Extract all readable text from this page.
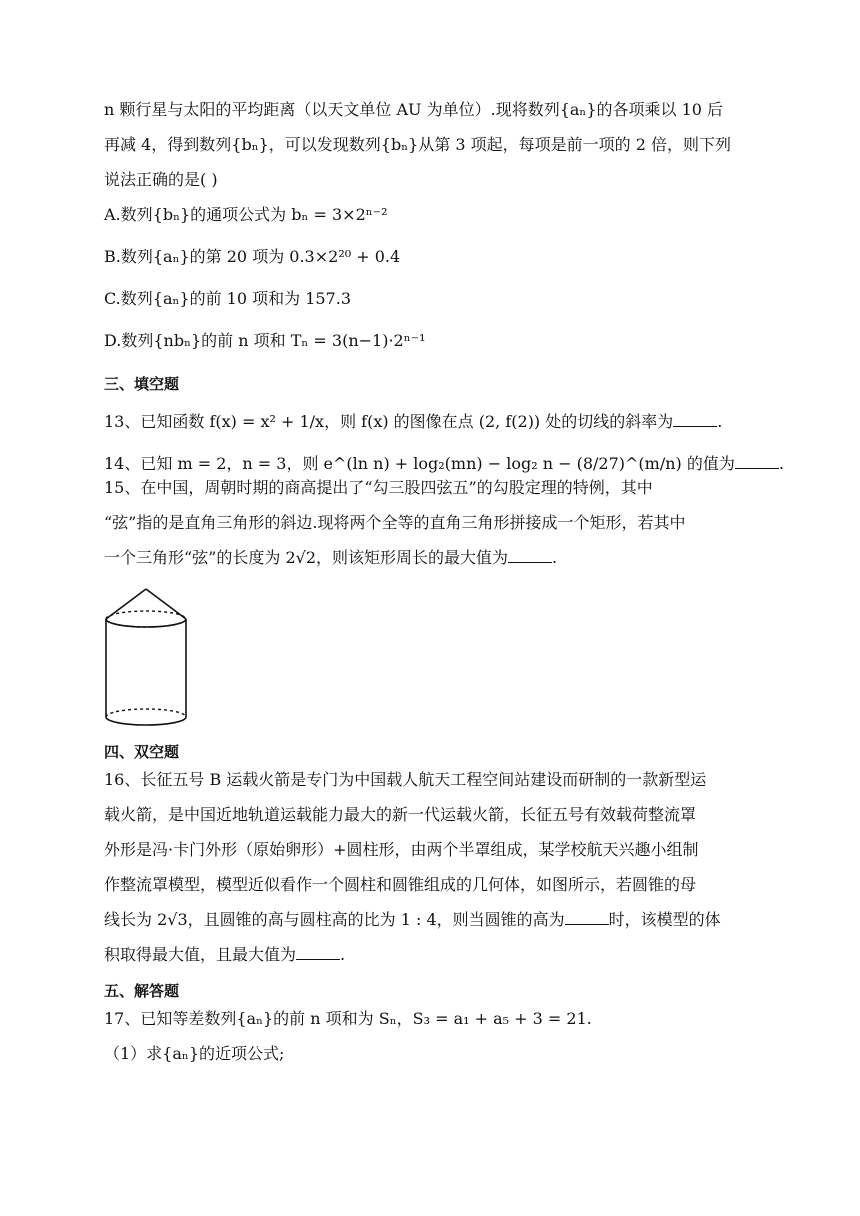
n 颗行星与太阳的平均距离（以天文单位 AU 为单位）.现将数列{aₙ}的各项乘以 10 后
再减 4，得到数列{bₙ}，可以发现数列{bₙ}从第 3 项起，每项是前一项的 2 倍，则下列
说法正确的是( )
A.数列{bₙ}的通项公式为 bₙ = 3×2ⁿ⁻²
B.数列{aₙ}的第 20 项为 0.3×2²⁰ + 0.4
C.数列{aₙ}的前 10 项和为 157.3
D.数列{nbₙ}的前 n 项和 Tₙ = 3(n−1)·2ⁿ⁻¹
三、填空题
13、已知函数 f(x) = x² + 1/x，则 f(x) 的图像在点 (2, f(2)) 处的切线的斜率为	.
14、已知 m = 2，n = 3，则 e^(ln n) + log₂(mn) − log₂ n − (8/27)^(m/n) 的值为	.
15、在中国，周朝时期的商高提出了“勾三股四弦五”的勾股定理的特例，其中
“弦”指的是直角三角形的斜边.现将两个全等的直角三角形拼接成一个矩形，若其中
一个三角形“弦”的长度为 2√2，则该矩形周长的最大值为	.
四、双空题
16、长征五号 B 运载火箭是专门为中国载人航天工程空间站建设而研制的一款新型运
载火箭，是中国近地轨道运载能力最大的新一代运载火箭，长征五号有效载荷整流罩
外形是冯·卡门外形（原始卵形）+圆柱形，由两个半罩组成，某学校航天兴趣小组制
作整流罩模型，模型近似看作一个圆柱和圆锥组成的几何体，如图所示，若圆锥的母
线长为 2√3，且圆锥的高与圆柱高的比为 1 : 4，则当圆锥的高为	时，该模型的体
积取得最大值，且最大值为	.
五、解答题
17、已知等差数列{aₙ}的前 n 项和为 Sₙ，S₃ = a₁ + a₅ + 3 = 21.
（1）求{aₙ}的近项公式;
